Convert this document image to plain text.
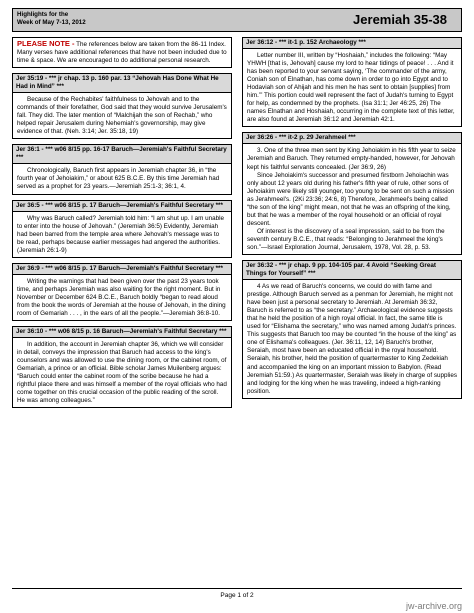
Highlights for the
Week of May 7-13, 2012	Jeremiah 35-38
PLEASE NOTE - The references below are taken from the 86-11 Index. Many verses have additional references that have not been included due to time & space. We are encouraged to do additional personal research.
Jer 35:19 - *** jr chap. 13 p. 160 par. 13 “Jehovah Has Done What He Had in Mind” ***

Because of the Rechabites' faithfulness to Jehovah and to the commands of their forefather, God said that they would survive Jerusalem's fall. They did. The later mention of “Malchijah the son of Rechab,” who helped repair Jerusalem during Nehemiah's governorship, may give evidence of that. (Neh. 3:14; Jer. 35:18, 19)

Jer 36:1 - *** w06 8/15 pp. 16-17 Baruch—Jeremiah's Faithful Secretary ***

Chronologically, Baruch first appears in Jeremiah chapter 36, in “the fourth year of Jehoiakim,” or about 625 B.C.E. By this time Jeremiah had served as a prophet for 23 years.—Jeremiah 25:1-3; 36:1, 4.

Jer 36:5 - *** w06 8/15 p. 17 Baruch—Jeremiah's Faithful Secretary ***

Why was Baruch called? Jeremiah told him: “I am shut up. I am unable to enter into the house of Jehovah.” (Jeremiah 36:5) Evidently, Jeremiah had been barred from the temple area where Jehovah's message was to be read, perhaps because earlier messages had angered the authorities. (Jeremiah 26:1-9)

Jer 36:9 - *** w06 8/15 p. 17 Baruch—Jeremiah's Faithful Secretary ***

Writing the warnings that had been given over the past 23 years took time, and perhaps Jeremiah was also waiting for the right moment. But in November or December 624 B.C.E., Baruch boldly “began to read aloud from the book the words of Jeremiah at the house of Jehovah, in the dining room of Gemariah . . . , in the ears of all the people.”—Jeremiah 36:8-10.

Jer 36:10 - *** w06 8/15 p. 16 Baruch—Jeremiah's Faithful Secretary ***

In addition, the account in Jeremiah chapter 36, which we will consider in detail, conveys the impression that Baruch had access to the king's counselors and was allowed to use the dining room, or the cabinet room, of Gemariah, a prince or an official. Bible scholar James Muilenberg argues: “Baruch could enter the cabinet room of the scribe because he had a rightful place there and was himself a member of the royal officials who had come together on this crucial occasion of the public reading of the scroll. He was among colleagues.”

Jer 36:12 - *** it-1 p. 152 Archaeology ***

Letter number III, written by “Hoshaiah,” includes the following: “May YHWH [that is, Jehovah] cause my lord to hear tidings of peace! . . . And it has been reported to your servant saying, ‘The commander of the army, Coniah son of Elnathan, has come down in order to go into Egypt and to Hodaviah son of Ahijah and his men he has sent to obtain [supplies] from him.’” This portion could well represent the fact of Judah's turning to Egypt for help, as condemned by the prophets. (Isa 31:1; Jer 46:25, 26) The names Elnathan and Hoshaiah, occurring in the complete text of this letter, are also found at Jeremiah 36:12 and Jeremiah 42:1.

Jer 36:26 - *** it-2 p. 29 Jerahmeel ***

3. One of the three men sent by King Jehoiakim in his fifth year to seize Jeremiah and Baruch. They returned empty-handed, however, for Jehovah kept his faithful servants concealed. (Jer 36:9, 26)

Since Jehoiakim's successor and presumed firstborn Jehoiachin was only about 12 years old during his father's fifth year of rule, other sons of Jehoiakim were likely still younger, too young to be sent on such a mission as Jerahmeel's. (2Ki 23:36; 24:6, 8) Therefore, Jerahmeel's being called “the son of the king” might mean, not that he was an offspring of the king, but that he was a member of the royal household or an official of royal descent.

Of interest is the discovery of a seal impression, said to be from the seventh century B.C.E., that reads: “Belonging to Jerahmeel the king's son.”—Israel Exploration Journal, Jerusalem, 1978, Vol. 28, p. 53.

Jer 36:32 - *** jr chap. 9 pp. 104-105 par. 4 Avoid “Seeking Great Things for Yourself” ***

4 As we read of Baruch's concerns, we could do with fame and prestige. Although Baruch served as a penman for Jeremiah, he might not have been just a personal secretary to Jeremiah. At Jeremiah 36:32, Baruch is referred to as “the secretary.” Archaeological evidence suggests that he held the position of a high royal official. In fact, the same title is used for “Elishama the secretary,” who was named among Judah's princes. This suggests that Baruch too may be counted “in the house of the king” as one of Elishama's colleagues. (Jer. 36:11, 12, 14) Baruch's brother, Seraiah, most have been an educated official in the royal household. Seraiah, his brother, held the position of quartermaster to King Zedekiah and accompanied the king on an important mission to Babylon. (Read Jeremiah 51:59.) As quartermaster, Seraiah was likely in charge of supplies and lodging for the king when he was traveling, indeed a high-ranking position.

Page 1 of 2
jw-archive.org
